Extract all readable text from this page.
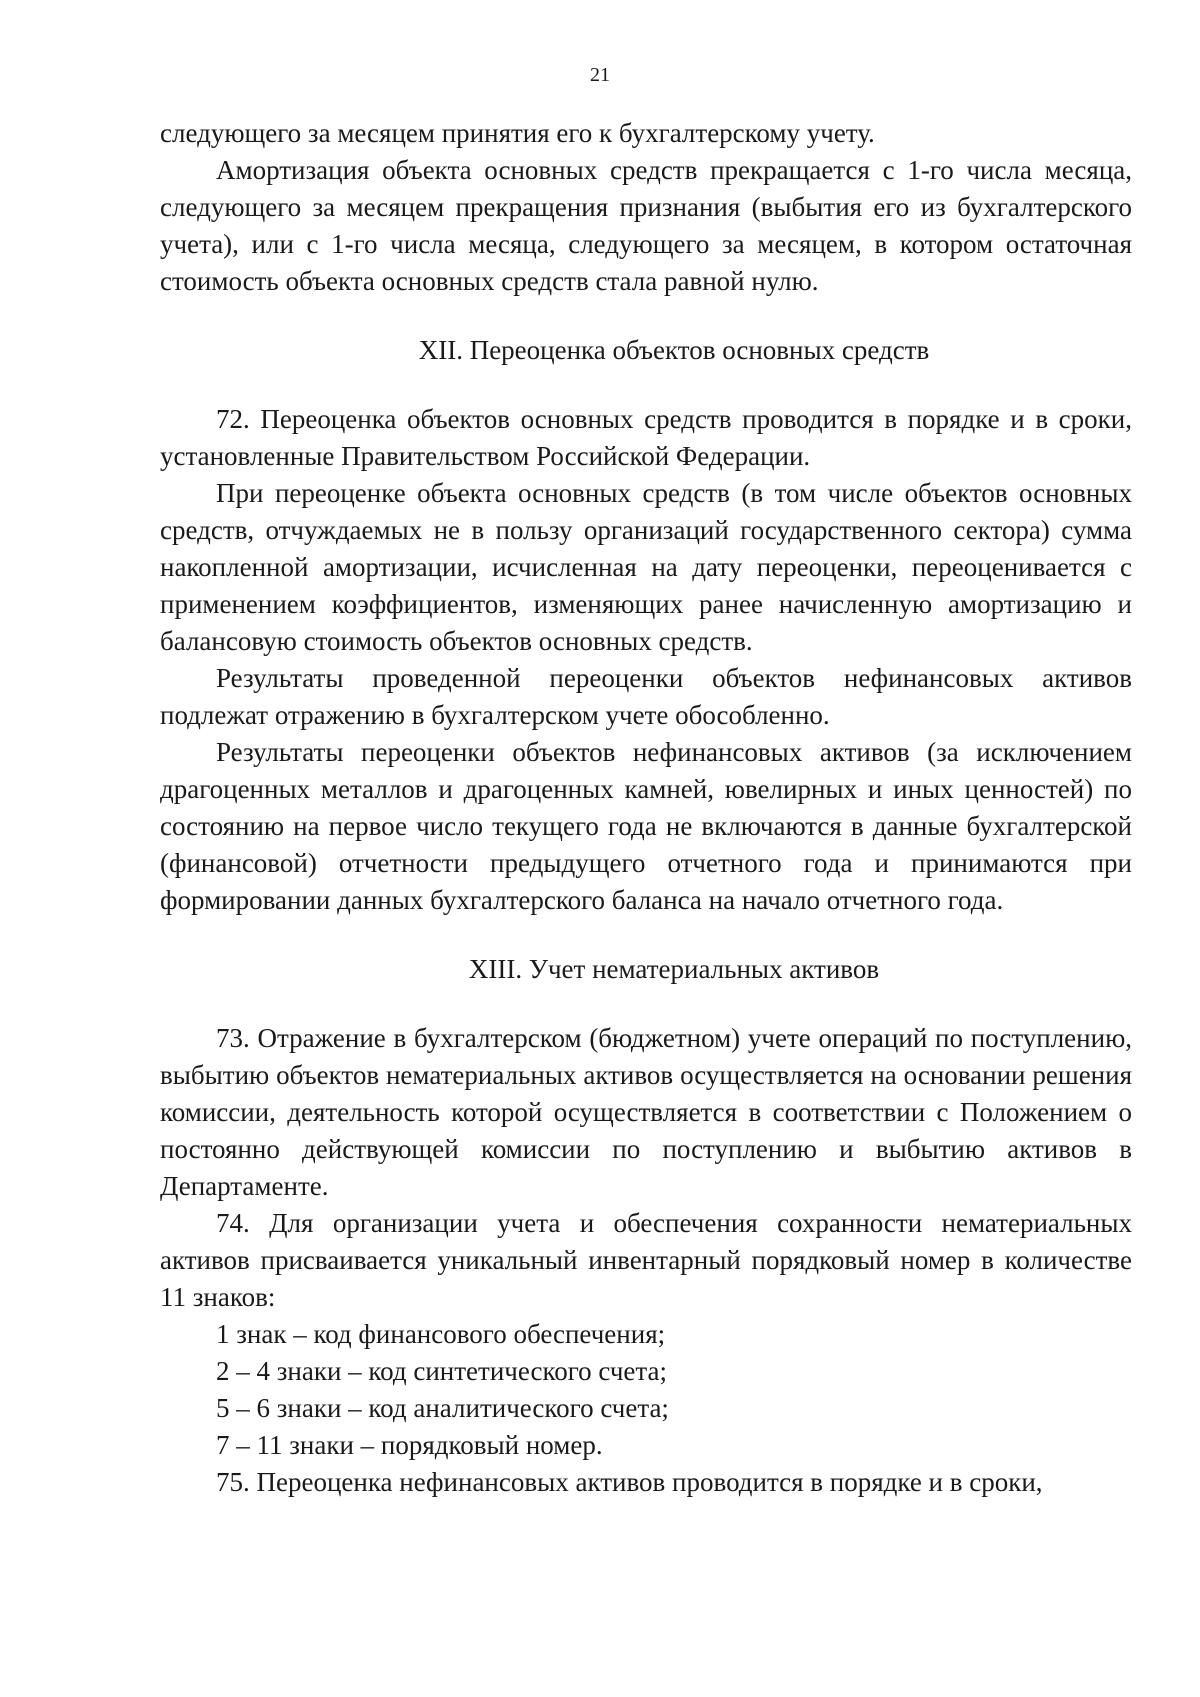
21

следующего за месяцем принятия его к бухгалтерскому учету.

Амортизация объекта основных средств прекращается с 1-го числа месяца, следующего за месяцем прекращения признания (выбытия его из бухгалтерского учета), или с 1-го числа месяца, следующего за месяцем, в котором остаточная стоимость объекта основных средств стала равной нулю.

XII. Переоценка объектов основных средств

72. Переоценка объектов основных средств проводится в порядке и в сроки, установленные Правительством Российской Федерации.

При переоценке объекта основных средств (в том числе объектов основных средств, отчуждаемых не в пользу организаций государственного сектора) сумма накопленной амортизации, исчисленная на дату переоценки, переоценивается с применением коэффициентов, изменяющих ранее начисленную амортизацию и балансовую стоимость объектов основных средств.

Результаты проведенной переоценки объектов нефинансовых активов подлежат отражению в бухгалтерском учете обособленно.

Результаты переоценки объектов нефинансовых активов (за исключением драгоценных металлов и драгоценных камней, ювелирных и иных ценностей) по состоянию на первое число текущего года не включаются в данные бухгалтерской (финансовой) отчетности предыдущего отчетного года и принимаются при формировании данных бухгалтерского баланса на начало отчетного года.

XIII. Учет нематериальных активов

73. Отражение в бухгалтерском (бюджетном) учете операций по поступлению, выбытию объектов нематериальных активов осуществляется на основании решения комиссии, деятельность которой осуществляется в соответствии с Положением о постоянно действующей комиссии по поступлению и выбытию активов в Департаменте.

74. Для организации учета и обеспечения сохранности нематериальных активов присваивается уникальный инвентарный порядковый номер в количестве 11 знаков:

1 знак – код финансового обеспечения;

2 – 4 знаки – код синтетического счета;

5 – 6 знаки – код аналитического счета;

7 – 11 знаки – порядковый номер.

75. Переоценка нефинансовых активов проводится в порядке и в сроки,
